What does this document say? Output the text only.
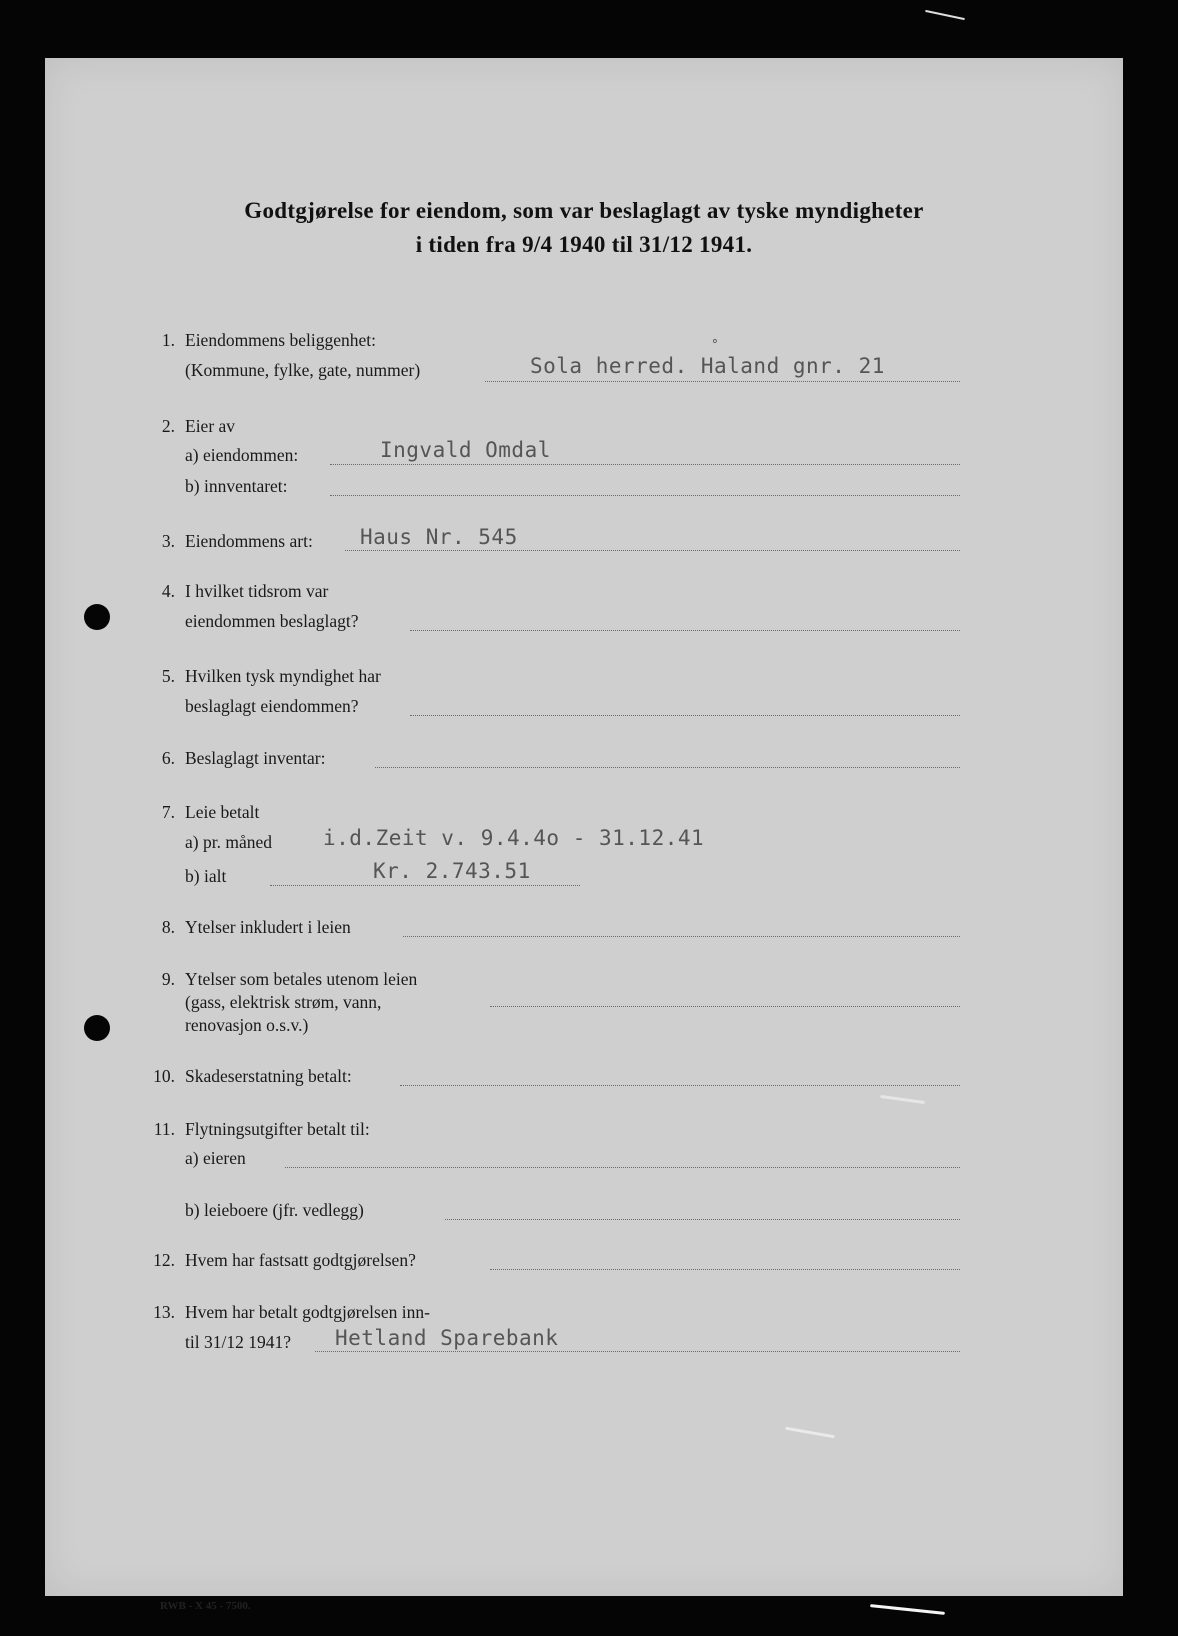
Godtgjørelse for eiendom, som var beslaglagt av tyske myndigheter
i tiden fra 9/4 1940 til 31/12 1941.
1. Eiendommens beliggenhet:
(Kommune, fylke, gate, nummer)	Sola herred. Haland gnr. 21
°
2. Eier av
a) eiendommen:	Ingvald Omdal
b) innventaret:
3. Eiendommens art: Haus Nr. 545
4. I hvilket tidsrom var
eiendommen beslaglagt?
5. Hvilken tysk myndighet har
beslaglagt eiendommen?
6. Beslaglagt inventar:
7. Leie betalt
a) pr. måned i.d.Zeit v. 9.4.4o - 31.12.41
b) ialt	Kr. 2.743.51
8. Ytelser inkludert i leien
9. Ytelser som betales utenom leien
(gass, elektrisk strøm, vann,
renovasjon o.s.v.)
10. Skadeserstatning betalt:
11. Flytningsutgifter betalt til:
a) eieren
b) leieboere (jfr. vedlegg)
12. Hvem har fastsatt godtgjørelsen?
13. Hvem har betalt godtgjørelsen inn-
til 31/12 1941? Hetland Sparebank
RWB - X 45 - 7500.
